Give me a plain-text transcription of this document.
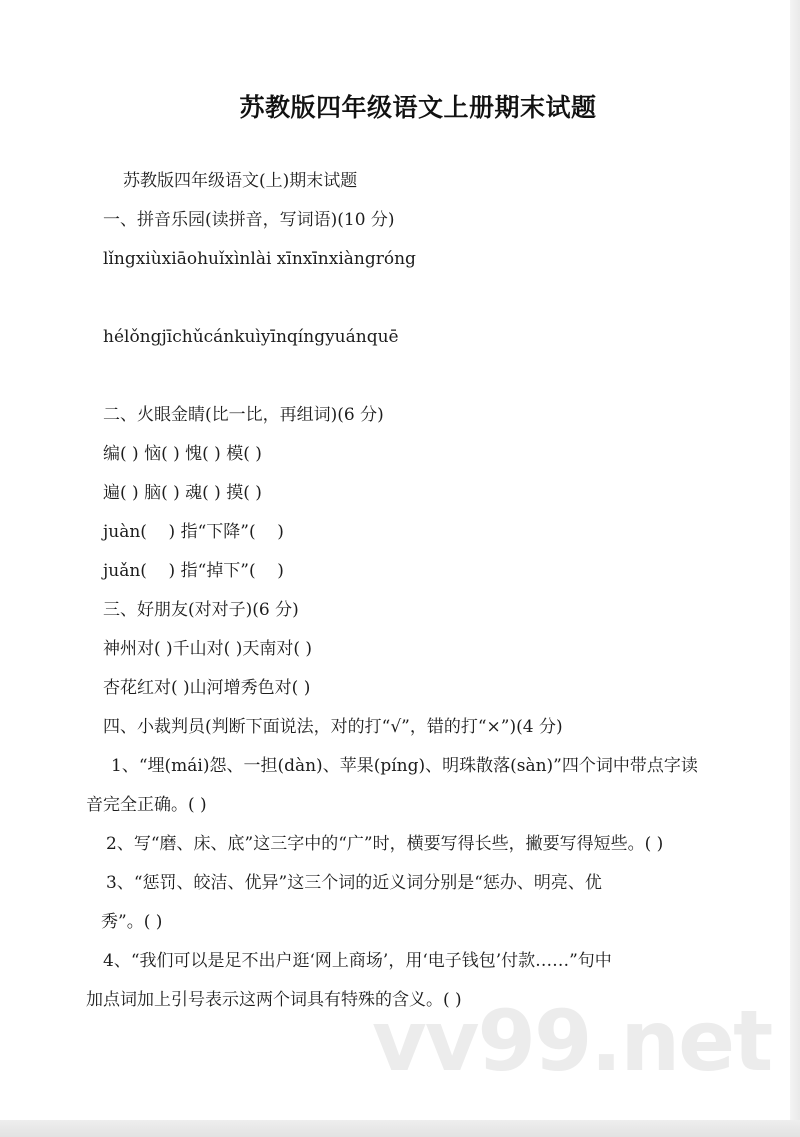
苏教版四年级语文上册期末试题
苏教版四年级语文(上)期末试题
一、拼音乐园(读拼音，写词语)(10 分)
lǐngxiùxiāohuǐxìnlài xīnxīnxiàngróng
hélǒngjīchǔcánkuìyīnqíngyuánquē
二、火眼金睛(比一比，再组词)(6 分)
编( ) 恼( ) 愧( ) 模( )
遍( ) 脑( ) 魂( ) 摸( )
juàn(    ) 指“下降”(    )
juǎn(    ) 指“掉下”(    )
三、好朋友(对对子)(6 分)
神州对( )千山对( )天南对( )
杏花红对( )山河增秀色对( )
四、小裁判员(判断下面说法，对的打“√”，错的打“×”)(4 分)
1、“埋(mái)怨、一担(dàn)、苹果(píng)、明珠散落(sàn)”四个词中带点字读
音完全正确。( )
2、写“磨、床、底”这三字中的“广”时，横要写得长些，撇要写得短些。( )
3、“惩罚、皎洁、优异”这三个词的近义词分别是“惩办、明亮、优
秀”。( )
4、“我们可以是足不出户逛‘网上商场’，用‘电子钱包’付款……”句中
加点词加上引号表示这两个词具有特殊的含义。( )
vv99.net
